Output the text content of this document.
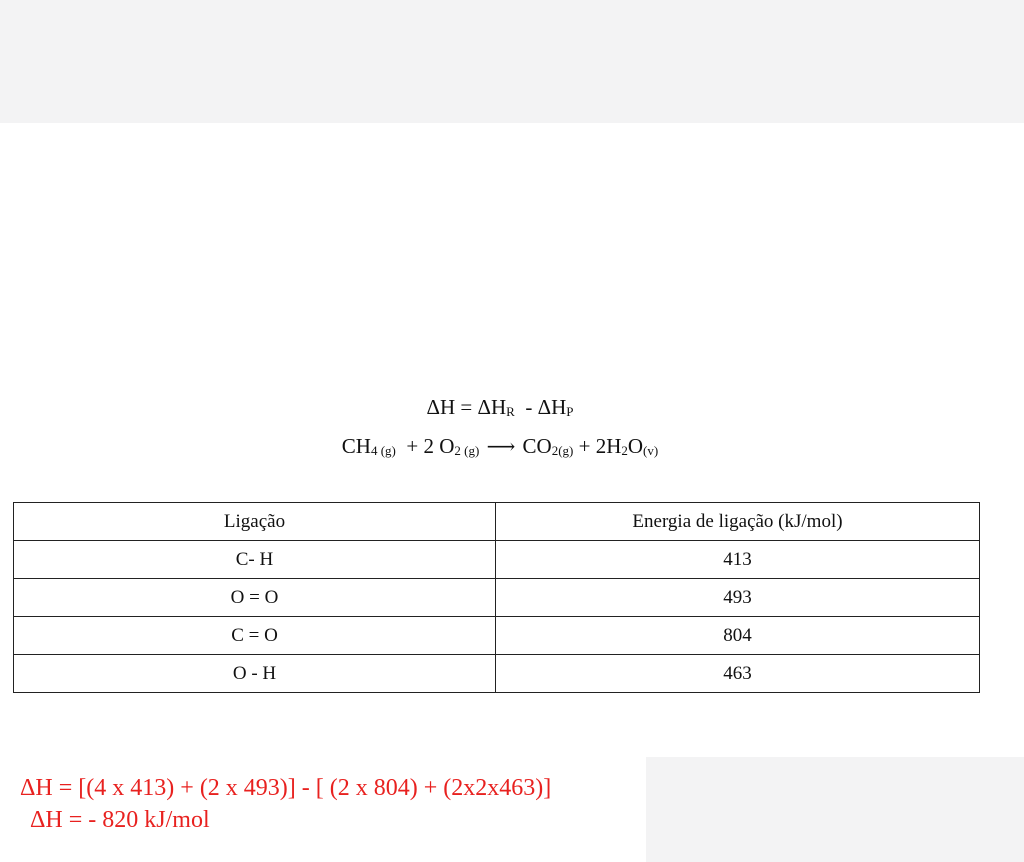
ΔH = ΔHR  - ΔHP
CH4 (g)  + 2 O2 (g) ⟶ CO2(g) + 2H2O(v)
Ligação	Energia de ligação (kJ/mol)
C- H	413
O = O	493
C = O	804
O - H	463
ΔH = [(4 x 413) + (2 x 493)] - [ (2 x 804) + (2x2x463)]
ΔH = - 820 kJ/mol
